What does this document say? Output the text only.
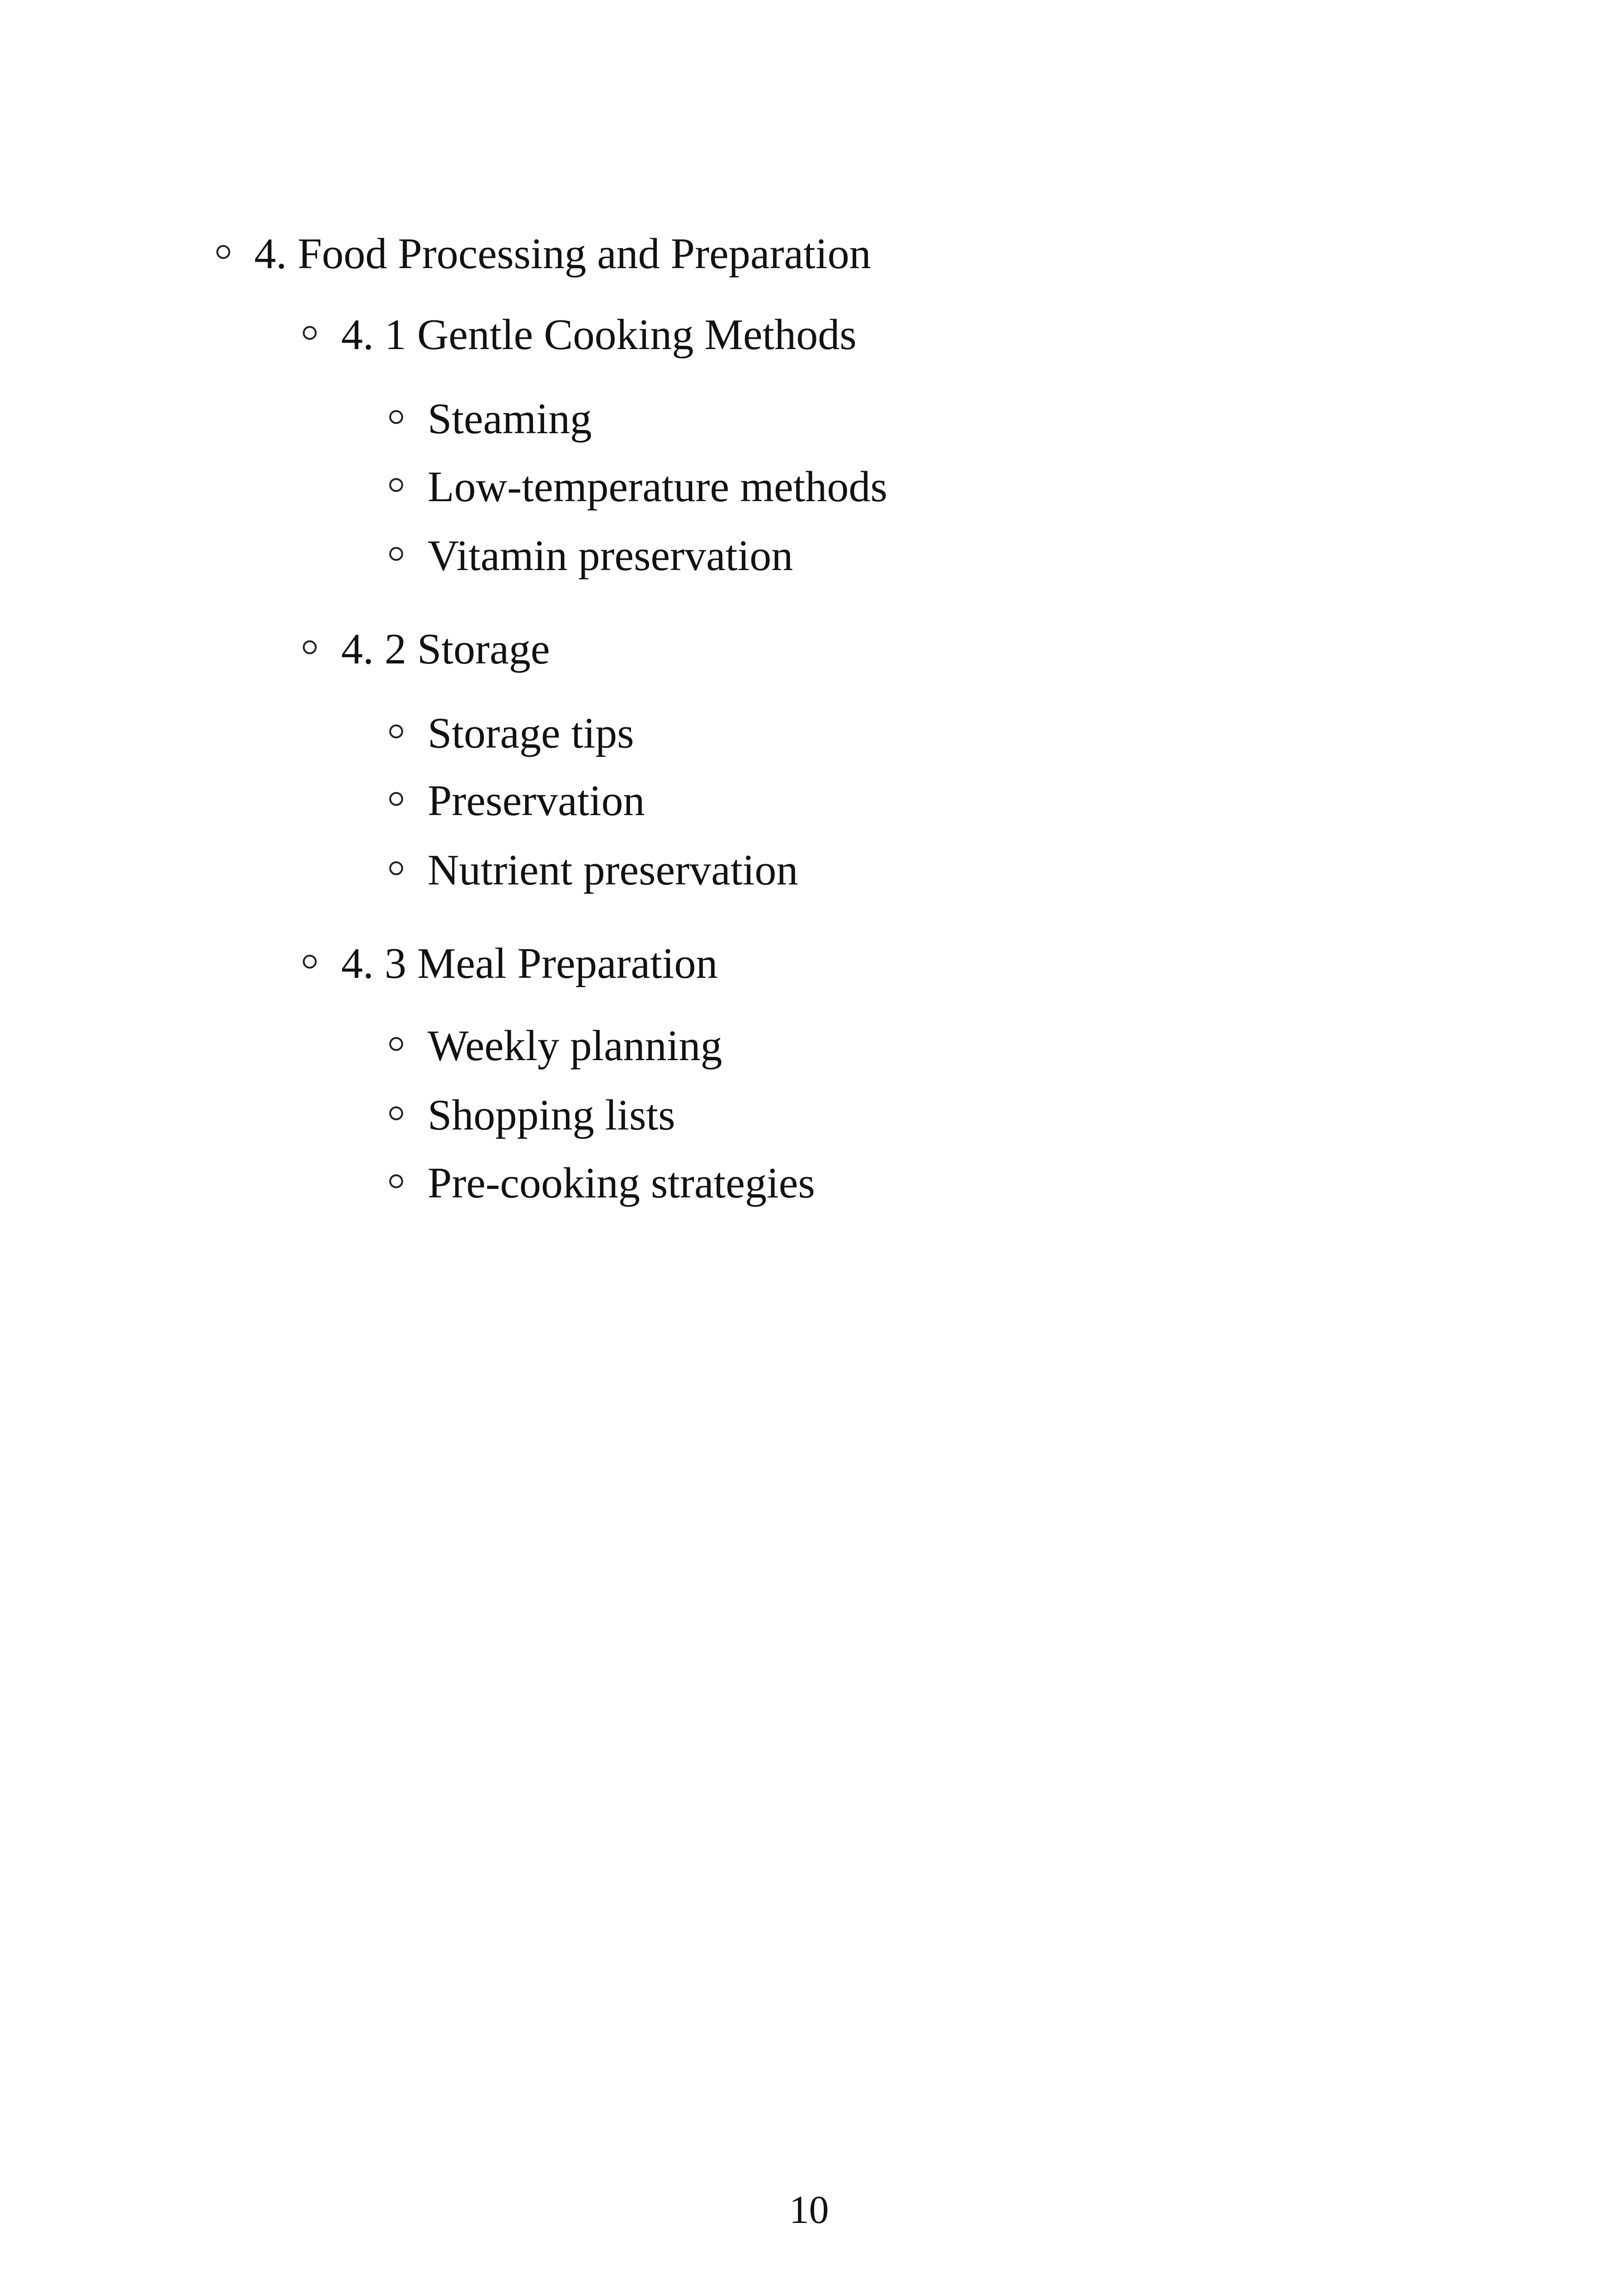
4. Food Processing and Preparation
4. 1 Gentle Cooking Methods
Steaming
Low-temperature methods
Vitamin preservation
4. 2 Storage
Storage tips
Preservation
Nutrient preservation
4. 3 Meal Preparation
Weekly planning
Shopping lists
Pre-cooking strategies
10
